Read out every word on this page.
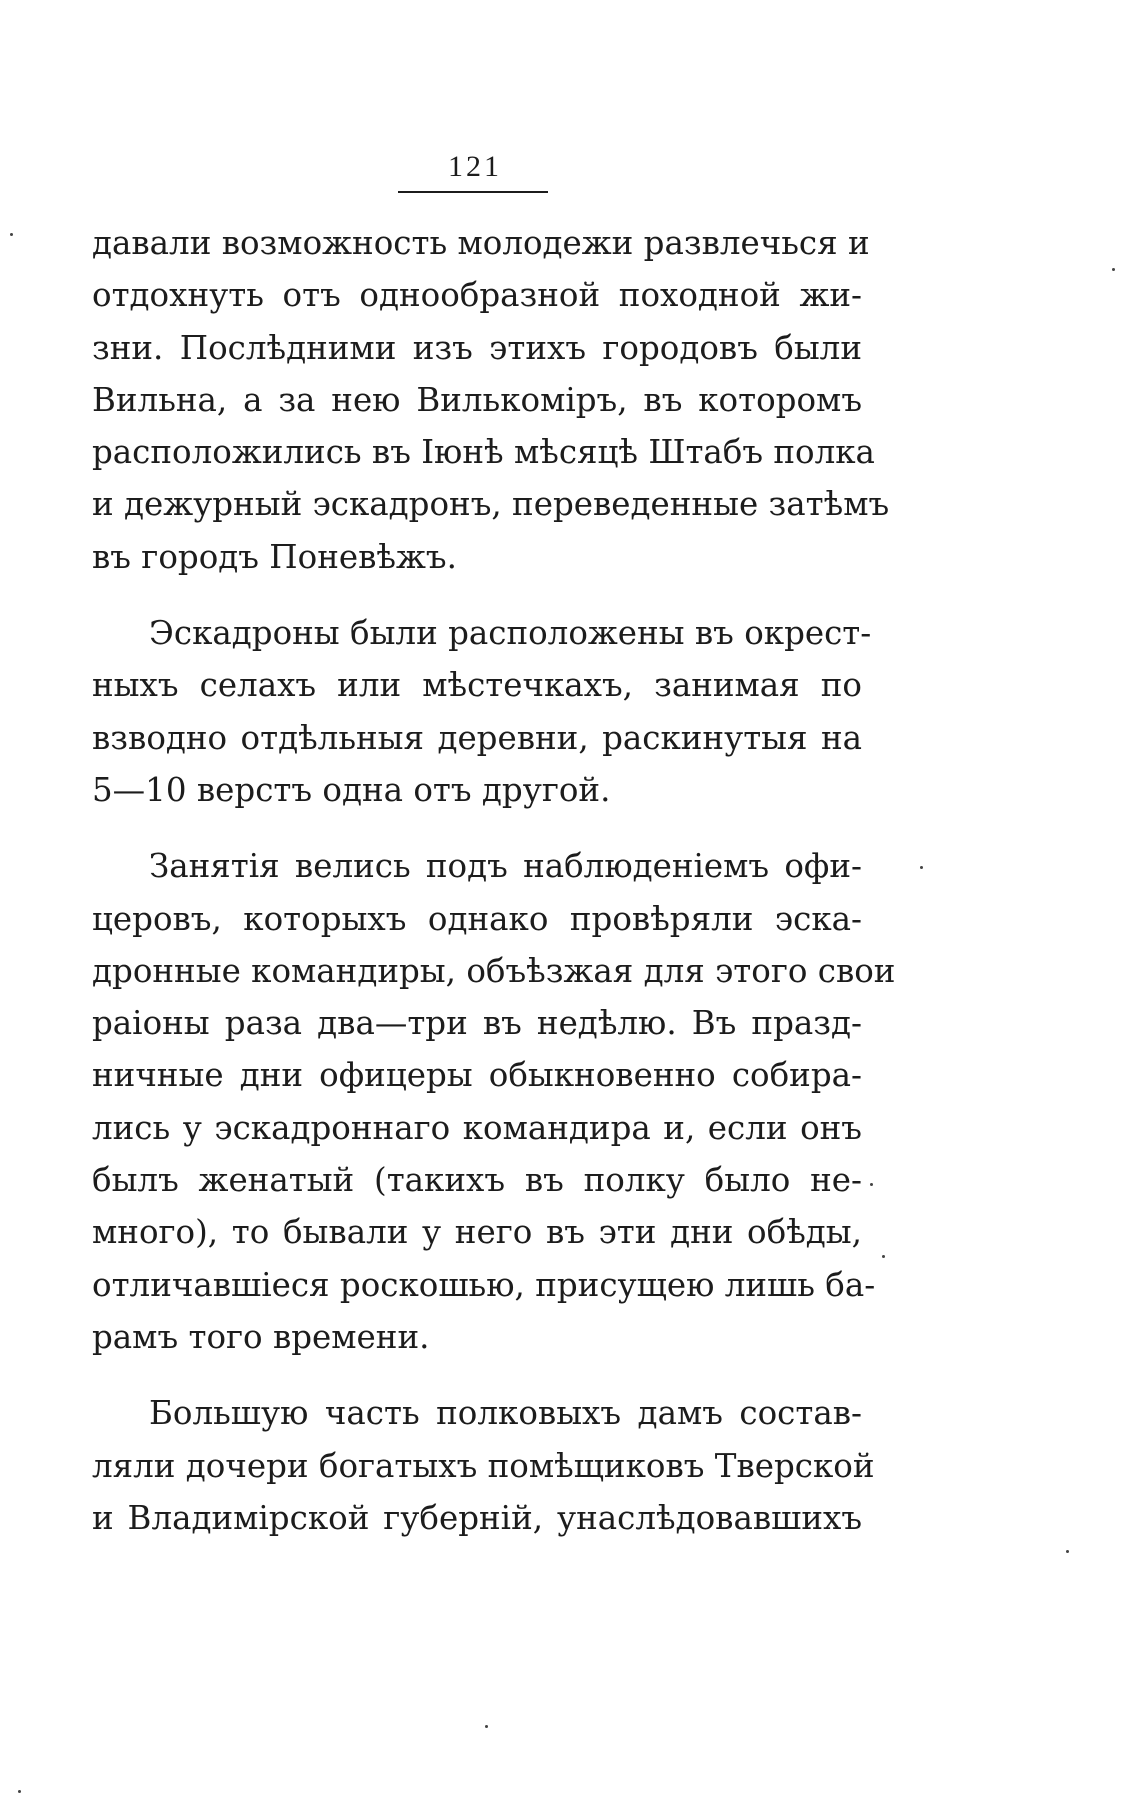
121
давали возможность молодежи развлечься и
отдохнуть отъ однообразной походной жи-
зни. Послѣдними изъ этихъ городовъ были
Вильна, а за нею Вилькомiръ, въ которомъ
расположились въ Iюнѣ мѣсяцѣ Штабъ полка
и дежурный эскадронъ, переведенные затѣмъ
въ городъ Поневѣжъ.
Эскадроны были расположены въ окрест-
ныхъ селахъ или мѣстечкахъ, занимая по
взводно отдѣльныя деревни, раскинутыя на
5—10 верстъ одна отъ другой.
Занятiя велись подъ наблюденiемъ офи-
церовъ, которыхъ однако провѣряли эска-
дронные командиры, объѣзжая для этого свои
раiоны раза два—три въ недѣлю. Въ празд-
ничные дни офицеры обыкновенно собира-
лись у эскадроннаго командира и, если онъ
былъ женатый (такихъ въ полку было не-
много), то бывали у него въ эти дни обѣды,
отличавшiеся роскошью, присущею лишь ба-
рамъ того времени.
Большую часть полковыхъ дамъ состав-
ляли дочери богатыхъ помѣщиковъ Тверской
и Владимiрской губернiй, унаслѣдовавшихъ
